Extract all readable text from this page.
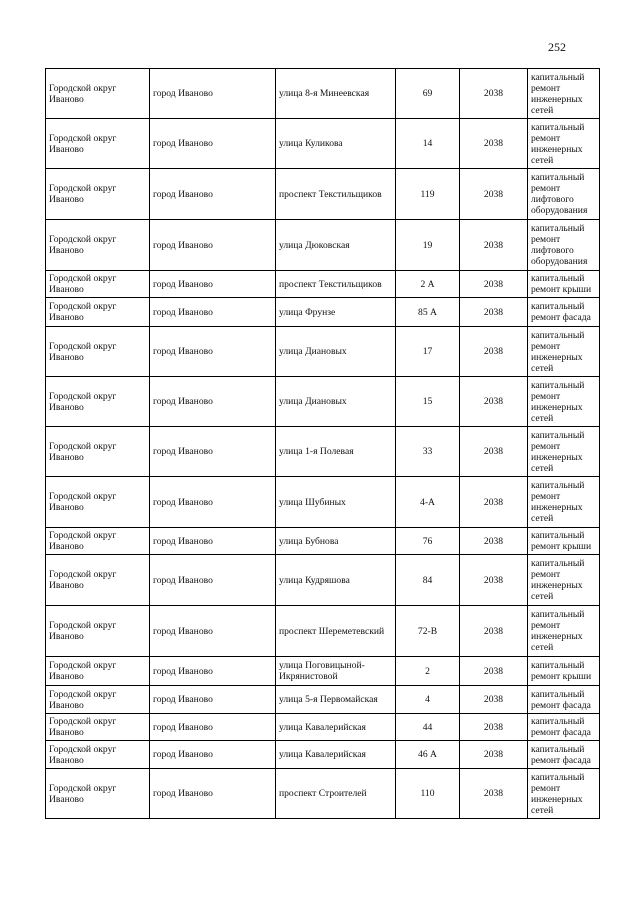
252
Городской округ Иваново	город Иваново	улица 8-я Минеевская	69	2038	капитальный ремонт инженерных сетей
Городской округ Иваново	город Иваново	улица Куликова	14	2038	капитальный ремонт инженерных сетей
Городской округ Иваново	город Иваново	проспект Текстильщиков	119	2038	капитальный ремонт лифтового оборудования
Городской округ Иваново	город Иваново	улица Дюковская	19	2038	капитальный ремонт лифтового оборудования
Городской округ Иваново	город Иваново	проспект Текстильщиков	2 А	2038	капитальный ремонт крыши
Городской округ Иваново	город Иваново	улица Фрунзе	85 А	2038	капитальный ремонт фасада
Городской округ Иваново	город Иваново	улица Диановых	17	2038	капитальный ремонт инженерных сетей
Городской округ Иваново	город Иваново	улица Диановых	15	2038	капитальный ремонт инженерных сетей
Городской округ Иваново	город Иваново	улица 1-я Полевая	33	2038	капитальный ремонт инженерных сетей
Городской округ Иваново	город Иваново	улица Шубиных	4-А	2038	капитальный ремонт инженерных сетей
Городской округ Иваново	город Иваново	улица Бубнова	76	2038	капитальный ремонт крыши
Городской округ Иваново	город Иваново	улица Кудряшова	84	2038	капитальный ремонт инженерных сетей
Городской округ Иваново	город Иваново	проспект Шереметевский	72-В	2038	капитальный ремонт инженерных сетей
Городской округ Иваново	город Иваново	улица Поговицыной-Икрянистовой	2	2038	капитальный ремонт крыши
Городской округ Иваново	город Иваново	улица 5-я Первомайская	4	2038	капитальный ремонт фасада
Городской округ Иваново	город Иваново	улица Кавалерийская	44	2038	капитальный ремонт фасада
Городской округ Иваново	город Иваново	улица Кавалерийская	46 А	2038	капитальный ремонт фасада
Городской округ Иваново	город Иваново	проспект Строителей	110	2038	капитальный ремонт инженерных сетей
